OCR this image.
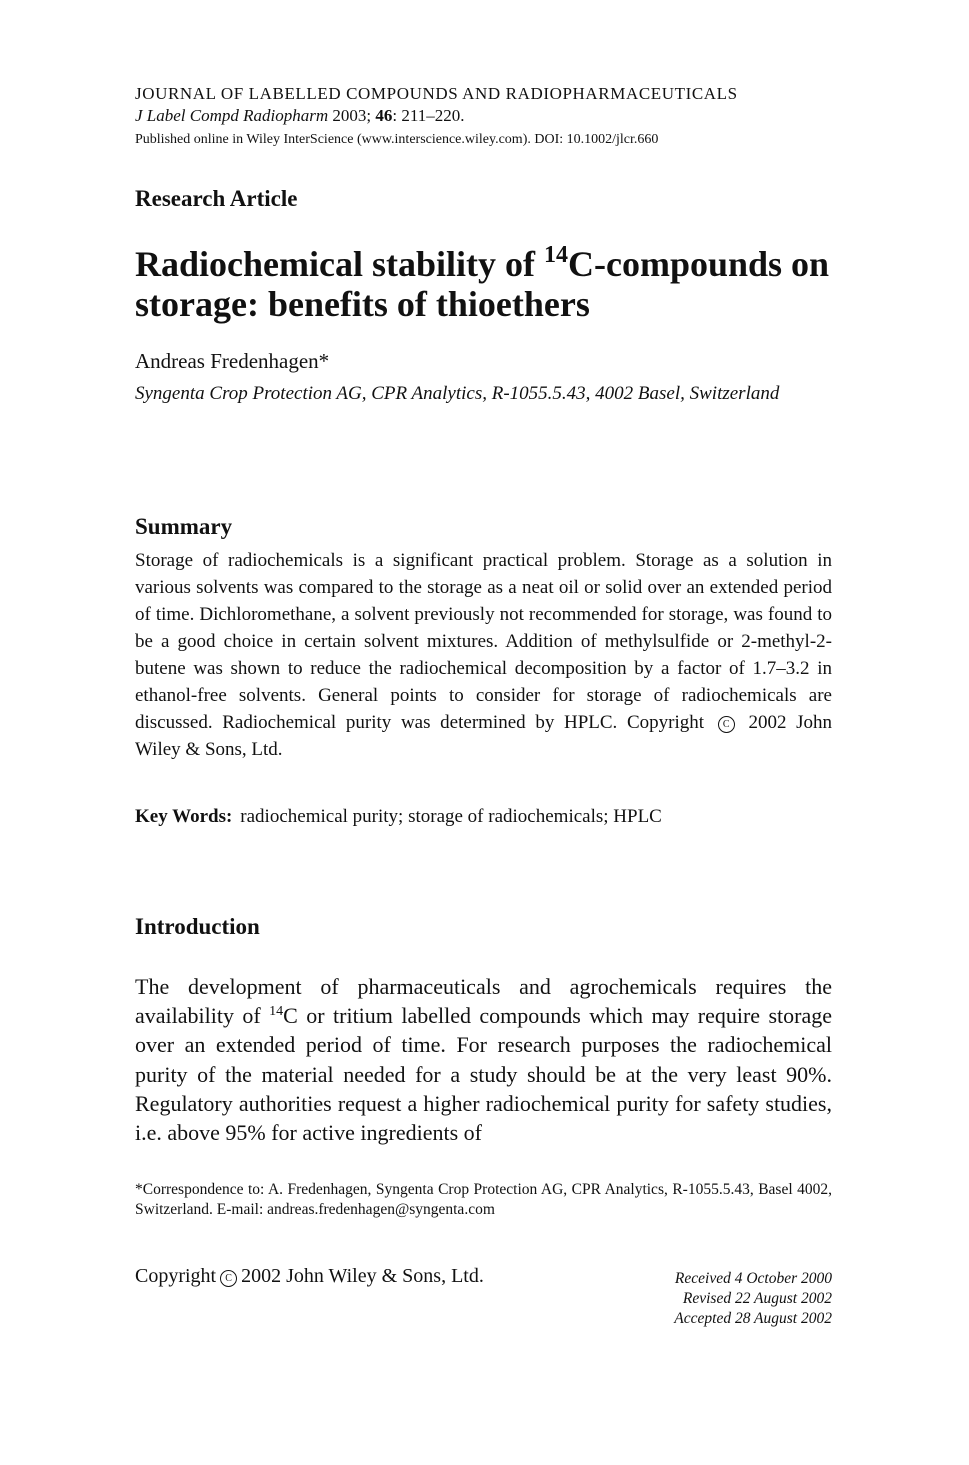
JOURNAL OF LABELLED COMPOUNDS AND RADIOPHARMACEUTICALS
J Label Compd Radiopharm 2003; 46: 211–220.
Published online in Wiley InterScience (www.interscience.wiley.com). DOI: 10.1002/jlcr.660
Research Article
Radiochemical stability of $^{14}$C-compounds on storage: benefits of thioethers
Andreas Fredenhagen*
Syngenta Crop Protection AG, CPR Analytics, R-1055.5.43, 4002 Basel, Switzerland
Summary
Storage of radiochemicals is a significant practical problem. Storage as a solution in various solvents was compared to the storage as a neat oil or solid over an extended period of time. Dichloromethane, a solvent previously not recommended for storage, was found to be a good choice in certain solvent mixtures. Addition of methylsulfide or 2-methyl-2-butene was shown to reduce the radiochemical decomposition by a factor of 1.7–3.2 in ethanol-free solvents. General points to consider for storage of radiochemicals are discussed. Radiochemical purity was determined by HPLC. Copyright C 2002 John Wiley & Sons, Ltd.
Key Words: radiochemical purity; storage of radiochemicals; HPLC
Introduction
The development of pharmaceuticals and agrochemicals requires the availability of $^{14}$C or tritium labelled compounds which may require storage over an extended period of time. For research purposes the radiochemical purity of the material needed for a study should be at the very least 90%. Regulatory authorities request a higher radiochemical purity for safety studies, i.e. above 95% for active ingredients of
*Correspondence to: A. Fredenhagen, Syngenta Crop Protection AG, CPR Analytics, R-1055.5.43, Basel 4002, Switzerland. E-mail: andreas.fredenhagen@syngenta.com
Copyright C 2002 John Wiley & Sons, Ltd.	Received 4 October 2000
Revised 22 August 2002
Accepted 28 August 2002
